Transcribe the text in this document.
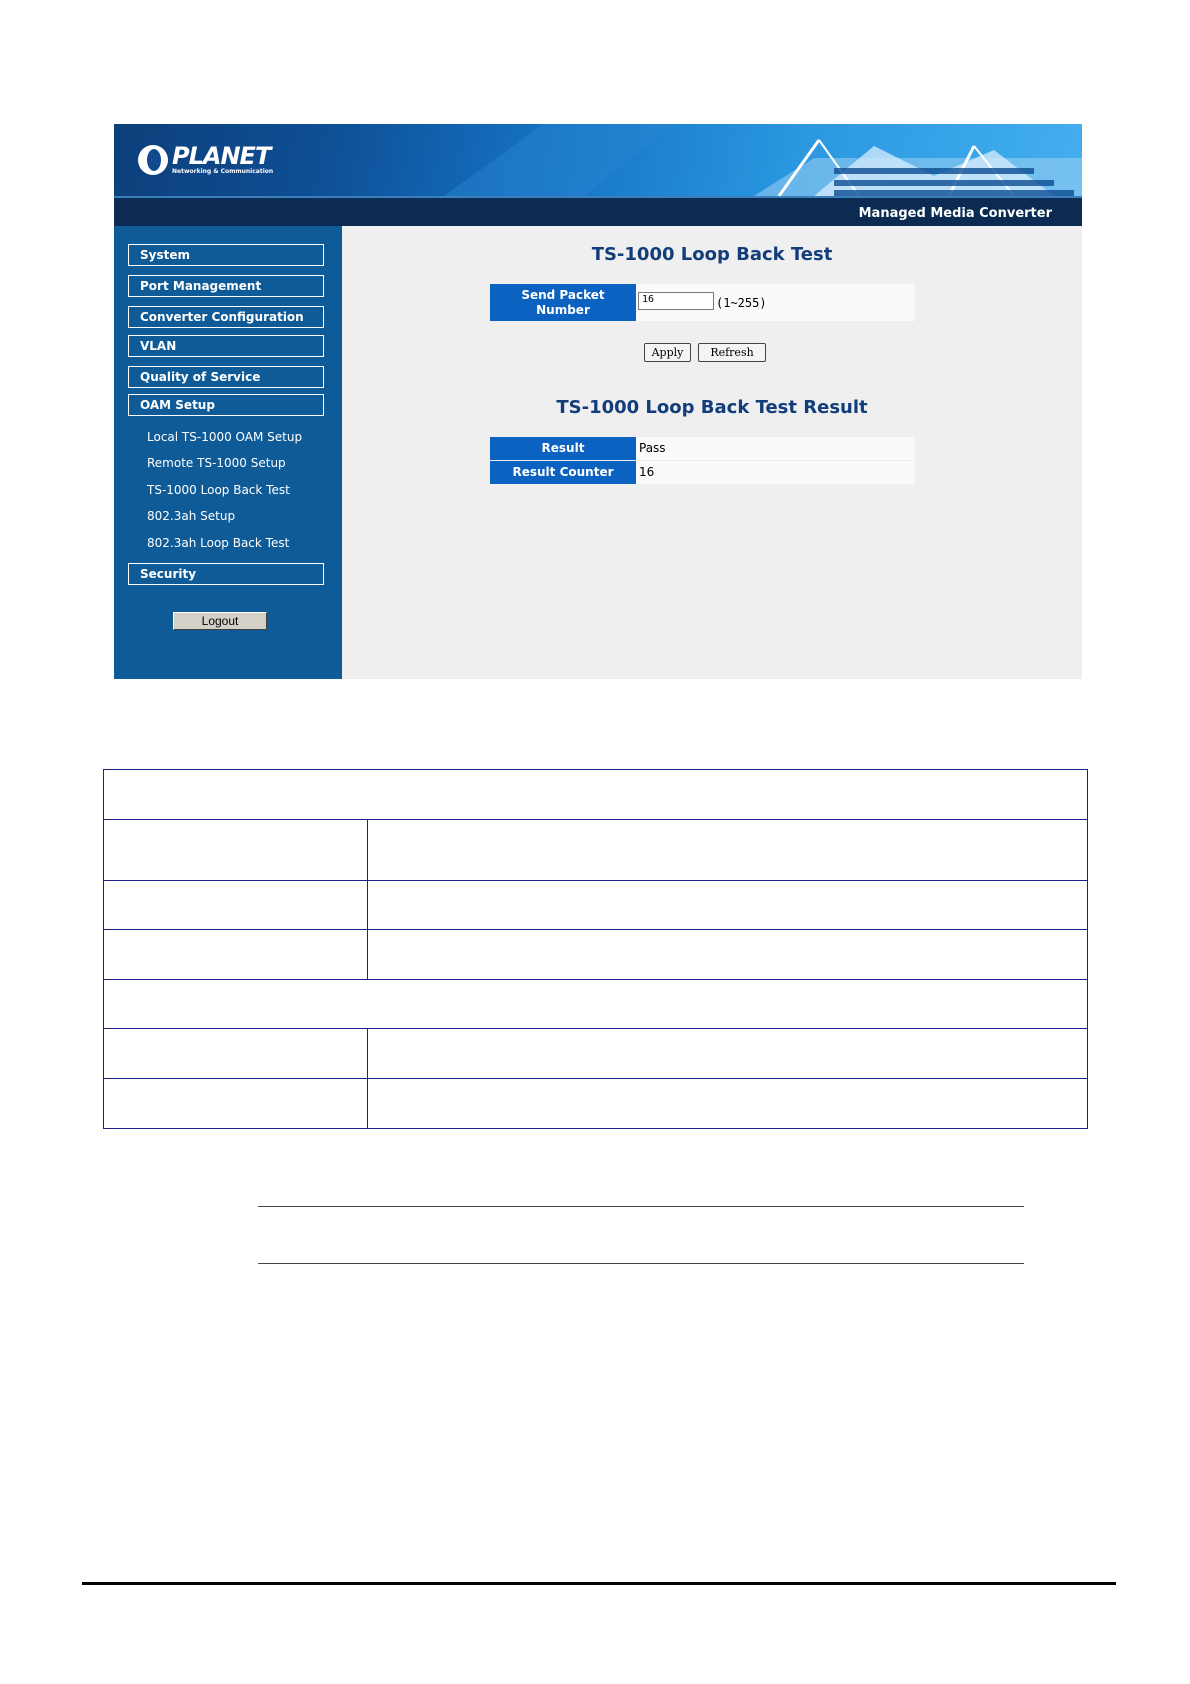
PLANET
Networking & Communication
Managed Media Converter
System
Port Management
Converter Configuration
VLAN
Quality of Service
OAM Setup
Local TS-1000 OAM Setup
Remote TS-1000 Setup
TS-1000 Loop Back Test
802.3ah Setup
802.3ah Loop Back Test
Security
Logout
TS-1000 Loop Back Test
Send Packet
Number
16	(1~255)
Apply	Refresh
TS-1000 Loop Back Test Result
Result	Pass
Result Counter	16
